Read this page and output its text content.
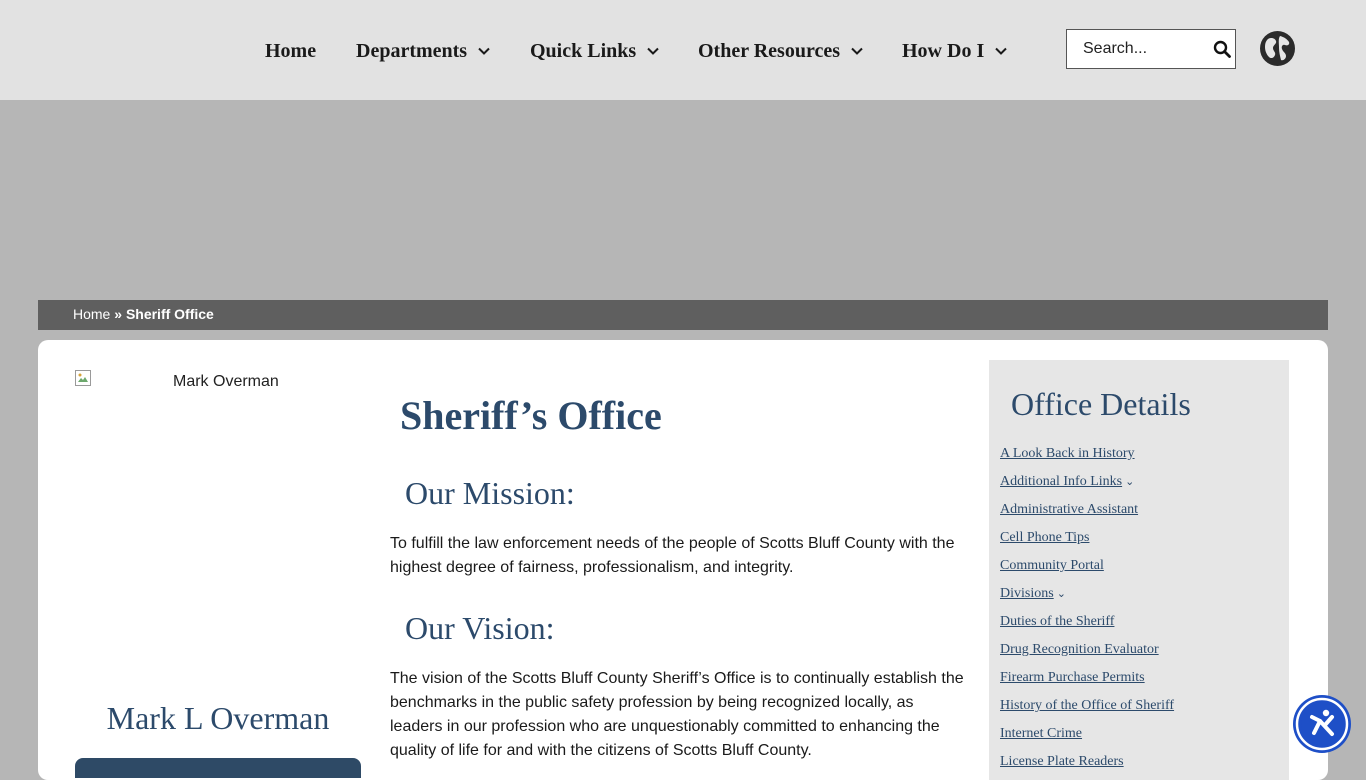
Home Departments	Quick Links	Other Resources	How Do I
Search...
Home » Sheriff Office
Mark Overman
Mark L Overman
Sheriff’s Office
Our Mission:

To fulfill the law enforcement needs of the people of Scotts Bluff County with the highest degree of fairness, professionalism, and integrity.

Our Vision:

The vision of the Scotts Bluff County Sheriff’s Office is to continually establish the benchmarks in the public safety profession by being recognized locally, as leaders in our profession who are unquestionably committed to enhancing the quality of life for and with the citizens of Scotts Bluff County.

Office Details
A Look Back in History
Additional Info Links ⌄
Administrative Assistant
Cell Phone Tips
Community Portal
Divisions ⌄
Duties of the Sheriff
Drug Recognition Evaluator
Firearm Purchase Permits
History of the Office of Sheriff
Internet Crime
License Plate Readers
